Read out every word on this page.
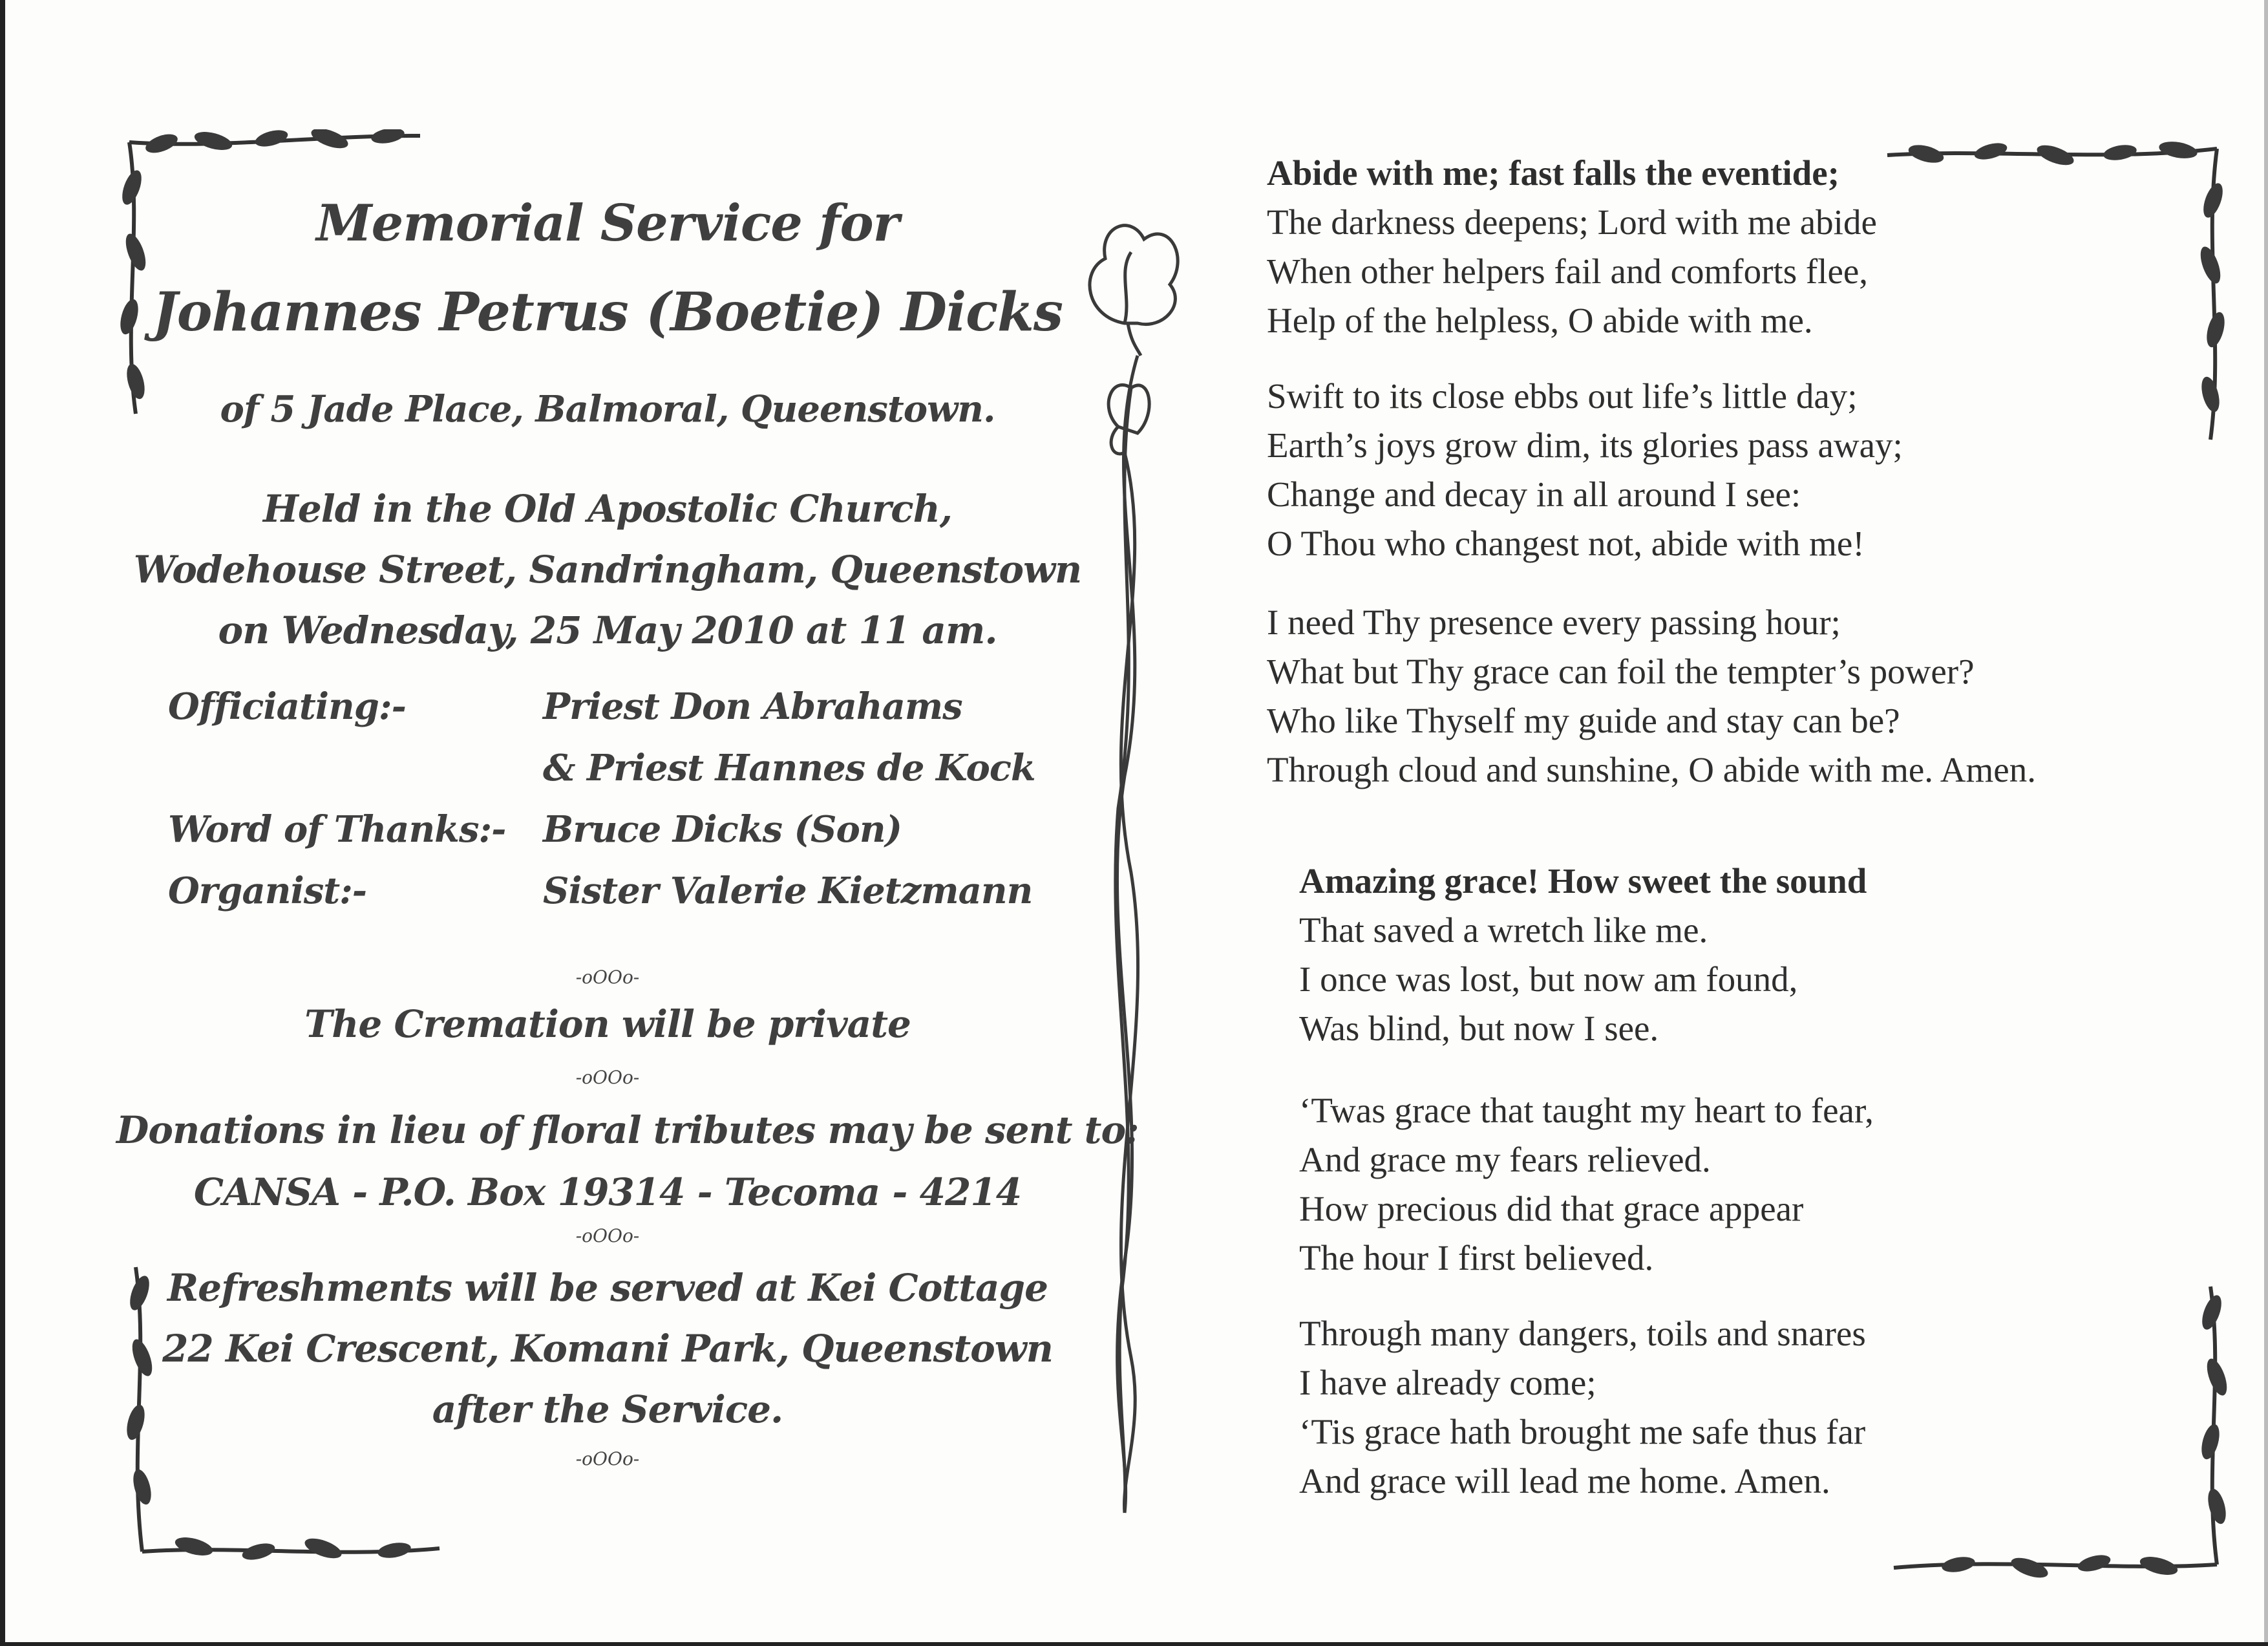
Memorial Service for
Johannes Petrus (Boetie) Dicks
of 5 Jade Place, Balmoral, Queenstown.
Held in the Old Apostolic Church,
Wodehouse Street, Sandringham, Queenstown
on Wednesday, 25 May 2010 at 11 am.
Officiating:-	Priest Don Abrahams
& Priest Hannes de Kock
Word of Thanks:- Bruce Dicks (Son)
Organist:-	Sister Valerie Kietzmann
-oOOo-
The Cremation will be private
-oOOo-
Donations in lieu of floral tributes may be sent to:
CANSA - P.O. Box 19314 - Tecoma - 4214
-oOOo-
Refreshments will be served at Kei Cottage
22 Kei Crescent, Komani Park, Queenstown
after the Service.
-oOOo-
Abide with me; fast falls the eventide;
The darkness deepens; Lord with me abide
When other helpers fail and comforts flee,
Help of the helpless, O abide with me.
Swift to its close ebbs out life’s little day;
Earth’s joys grow dim, its glories pass away;
Change and decay in all around I see:
O Thou who changest not, abide with me!
I need Thy presence every passing hour;
What but Thy grace can foil the tempter’s power?
Who like Thyself my guide and stay can be?
Through cloud and sunshine, O abide with me. Amen.
Amazing grace! How sweet the sound
That saved a wretch like me.
I once was lost, but now am found,
Was blind, but now I see.
‘Twas grace that taught my heart to fear,
And grace my fears relieved.
How precious did that grace appear
The hour I first believed.
Through many dangers, toils and snares
I have already come;
‘Tis grace hath brought me safe thus far
And grace will lead me home. Amen.
